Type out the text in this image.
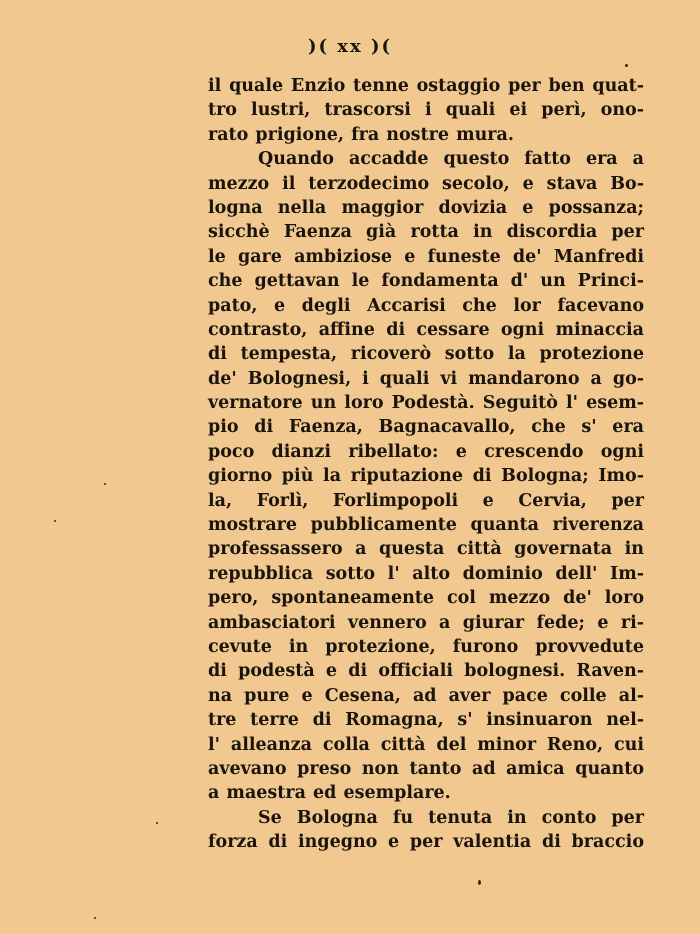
)( xx )(
il quale Enzio tenne ostaggio per ben quat-
tro lustri, trascorsi i quali ei perì, ono-
rato prigione, fra nostre mura.
Quando accadde questo fatto era a
mezzo il terzodecimo secolo, e stava Bo-
logna nella maggior dovizia e possanza;
sicchè Faenza già rotta in discordia per
le gare ambiziose e funeste de' Manfredi
che gettavan le fondamenta d' un Princi-
pato, e degli Accarisi che lor facevano
contrasto, affine di cessare ogni minaccia
di tempesta, ricoverò sotto la protezione
de' Bolognesi, i quali vi mandarono a go-
vernatore un loro Podestà. Seguitò l' esem-
pio di Faenza, Bagnacavallo, che s' era
poco dianzi ribellato: e crescendo ogni
giorno più la riputazione di Bologna; Imo-
la, Forlì, Forlimpopoli e Cervia, per
mostrare pubblicamente quanta riverenza
professassero a questa città governata in
repubblica sotto l' alto dominio dell' Im-
pero, spontaneamente col mezzo de' loro
ambasciatori vennero a giurar fede; e ri-
cevute in protezione, furono provvedute
di podestà e di officiali bolognesi. Raven-
na pure e Cesena, ad aver pace colle al-
tre terre di Romagna, s' insinuaron nel-
l' alleanza colla città del minor Reno, cui
avevano preso non tanto ad amica quanto
a maestra ed esemplare.
Se Bologna fu tenuta in conto per
forza di ingegno e per valentia di braccio
